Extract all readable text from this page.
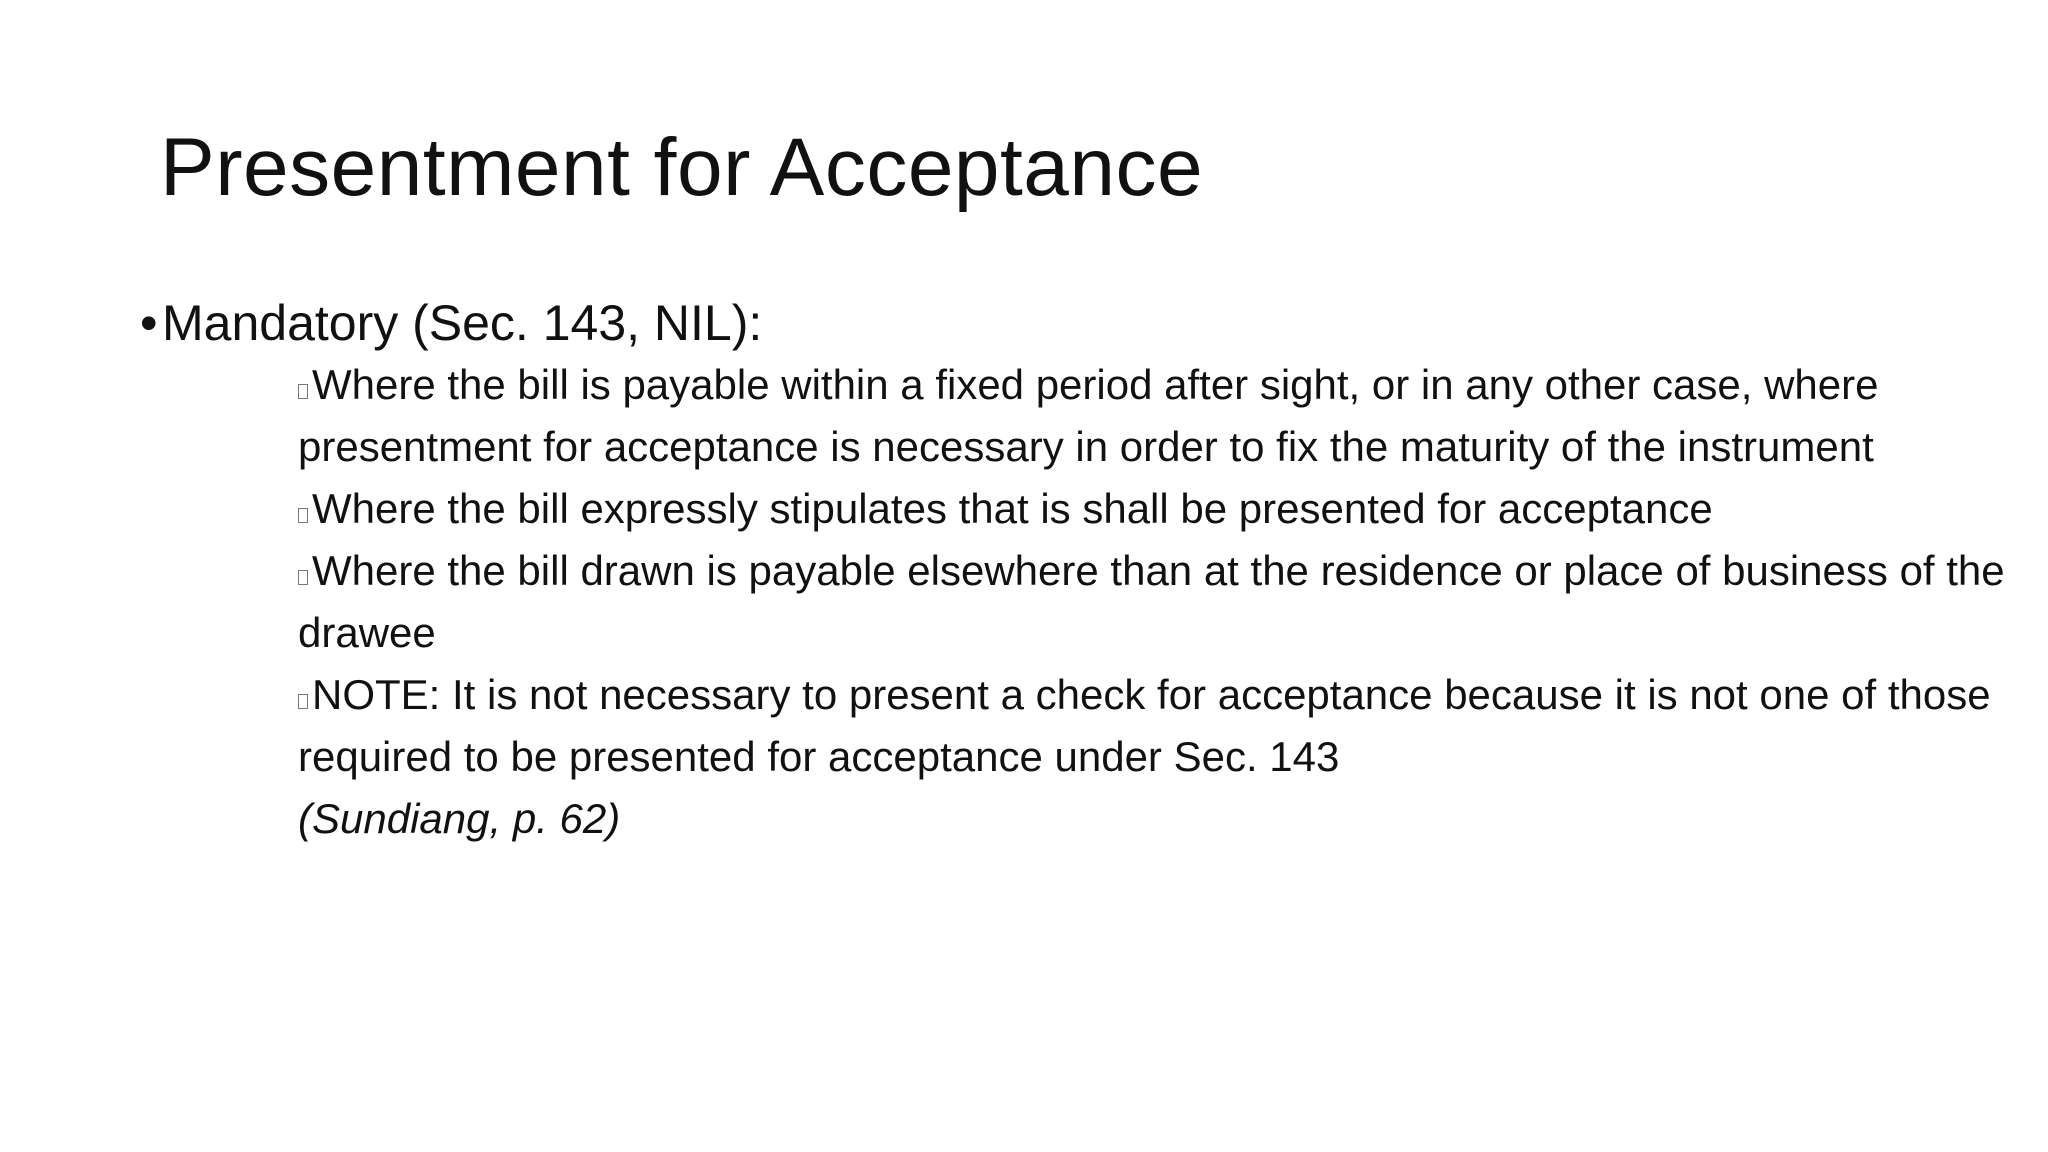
Presentment for Acceptance
•Mandatory (Sec. 143, NIL):
Where the bill is payable within a fixed period after sight, or in any other case, where presentment for acceptance is necessary in order to fix the maturity of the instrument
Where the bill expressly stipulates that is shall be presented for acceptance
Where the bill drawn is payable elsewhere than at the residence or place of business of the drawee
NOTE: It is not necessary to present a check for acceptance because it is not one of those required to be presented for acceptance under Sec. 143
(Sundiang, p. 62)
